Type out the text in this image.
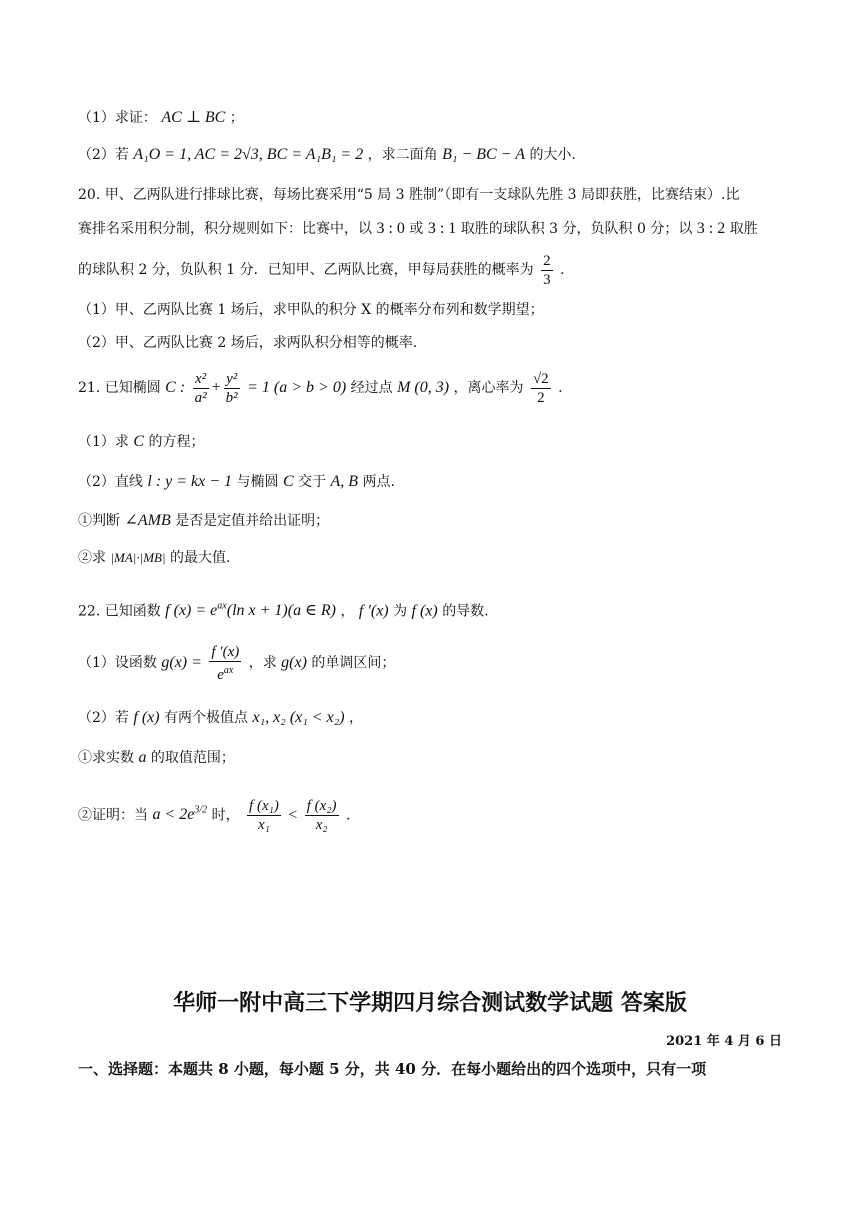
（1）求证： AC ⊥ BC ；
（2）若 A₁O = 1, AC = 2√3, BC = A₁B₁ = 2 ，求二面角 B₁ − BC − A 的大小.
20. 甲、乙两队进行排球比赛，每场比赛采用“5 局 3 胜制”（即有一支球队先胜 3 局即获胜，比赛结束）.比
赛排名采用积分制，积分规则如下：比赛中，以 3 : 0 或 3 : 1 取胜的球队积 3 分，负队积 0 分；以 3 : 2 取胜
的球队积 2 分，负队积 1 分．已知甲、乙两队比赛，甲每局获胜的概率为 $\frac{2}{3}$ .
（1）甲、乙两队比赛 1 场后，求甲队的积分 X 的概率分布列和数学期望；
（2）甲、乙两队比赛 2 场后，求两队积分相等的概率.
21. 已知椭圆 C : $\frac{\text{x²}}{\text{a²}} + \frac{\text{y²}}{\text{b²}} = 1$ (a > b > 0) 经过点 M (0, 3) ，离心率为 $\frac{√2}{2}$ .
（1）求 C 的方程；
（2）直线 l : y = kx − 1 与椭圆 C 交于 A, B 两点.
①判断 ∠AMB 是否是定值并给出证明；
②求 |MA|·|MB| 的最大值.
22. 已知函数 f $(x) = e^{ax}(\ln$ x + 1)(a ∈ R) ， f ′(x) 为 f (x) 的导数.
（1）设函数 $g(x) = \frac{f '(x)}{e^{ax}}$ ，求 g(x) 的单调区间；
（2）若 f (x) 有两个极值点 x₁, x₂ (x₁ < x₂) ，
①求实数 a 的取值范围；
②证明：当 $a < 2e^{3/2}$ 时， $\frac{\text{f (x₁)}}{\text{x₁}} < \frac{\text{f (x₂)}}{\text{x₂}}$ .
华师一附中高三下学期四月综合测试数学试题 答案版
2021 年 4 月 6 日
一、选择题：本题共 8 小题，每小题 5 分，共 40 分．在每小题给出的四个选项中，只有一项
